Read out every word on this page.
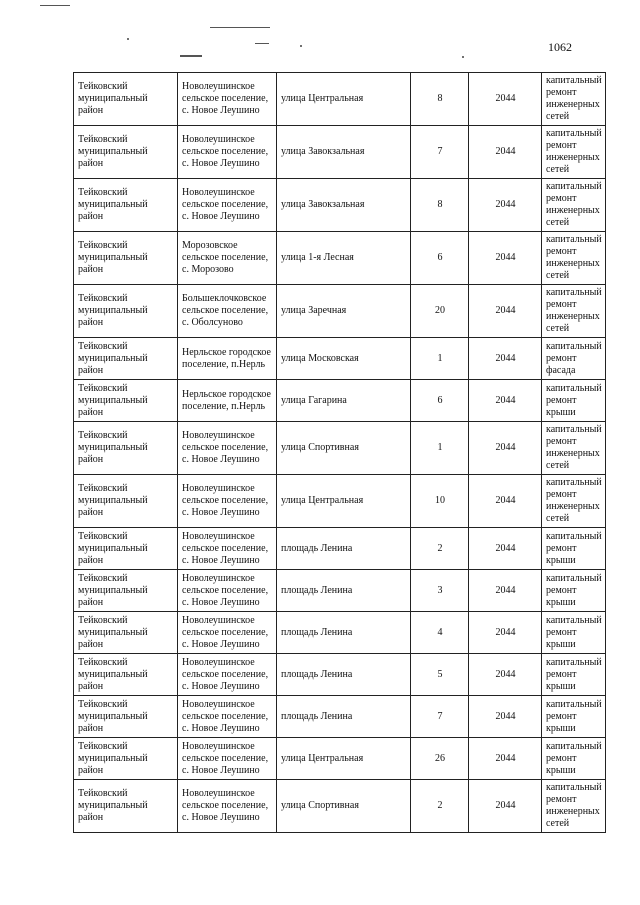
1062
Тейковский муниципальный район	Новолеушинское сельское поселение, с. Новое Леушино	улица Центральная	8	2044	капитальный ремонт инженерных сетей
Тейковский муниципальный район	Новолеушинское сельское поселение, с. Новое Леушино	улица Завокзальная	7	2044	капитальный ремонт инженерных сетей
Тейковский муниципальный район	Новолеушинское сельское поселение, с. Новое Леушино	улица Завокзальная	8	2044	капитальный ремонт инженерных сетей
Тейковский муниципальный район	Морозовское сельское поселение, с. Морозово	улица 1-я Лесная	6	2044	капитальный ремонт инженерных сетей
Тейковский муниципальный район	Большеклочковское сельское поселение, с. Оболсуново	улица Заречная	20	2044	капитальный ремонт инженерных сетей
Тейковский муниципальный район	Нерльское городское поселение, п.Нерль	улица Московская	1	2044	капитальный ремонт фасада
Тейковский муниципальный район	Нерльское городское поселение, п.Нерль	улица Гагарина	6	2044	капитальный ремонт крыши
Тейковский муниципальный район	Новолеушинское сельское поселение, с. Новое Леушино	улица Спортивная	1	2044	капитальный ремонт инженерных сетей
Тейковский муниципальный район	Новолеушинское сельское поселение, с. Новое Леушино	улица Центральная	10	2044	капитальный ремонт инженерных сетей
Тейковский муниципальный район	Новолеушинское сельское поселение, с. Новое Леушино	площадь Ленина	2	2044	капитальный ремонт крыши
Тейковский муниципальный район	Новолеушинское сельское поселение, с. Новое Леушино	площадь Ленина	3	2044	капитальный ремонт крыши
Тейковский муниципальный район	Новолеушинское сельское поселение, с. Новое Леушино	площадь Ленина	4	2044	капитальный ремонт крыши
Тейковский муниципальный район	Новолеушинское сельское поселение, с. Новое Леушино	площадь Ленина	5	2044	капитальный ремонт крыши
Тейковский муниципальный район	Новолеушинское сельское поселение, с. Новое Леушино	площадь Ленина	7	2044	капитальный ремонт крыши
Тейковский муниципальный район	Новолеушинское сельское поселение, с. Новое Леушино	улица Центральная	26	2044	капитальный ремонт крыши
Тейковский муниципальный район	Новолеушинское сельское поселение, с. Новое Леушино	улица Спортивная	2	2044	капитальный ремонт инженерных сетей
